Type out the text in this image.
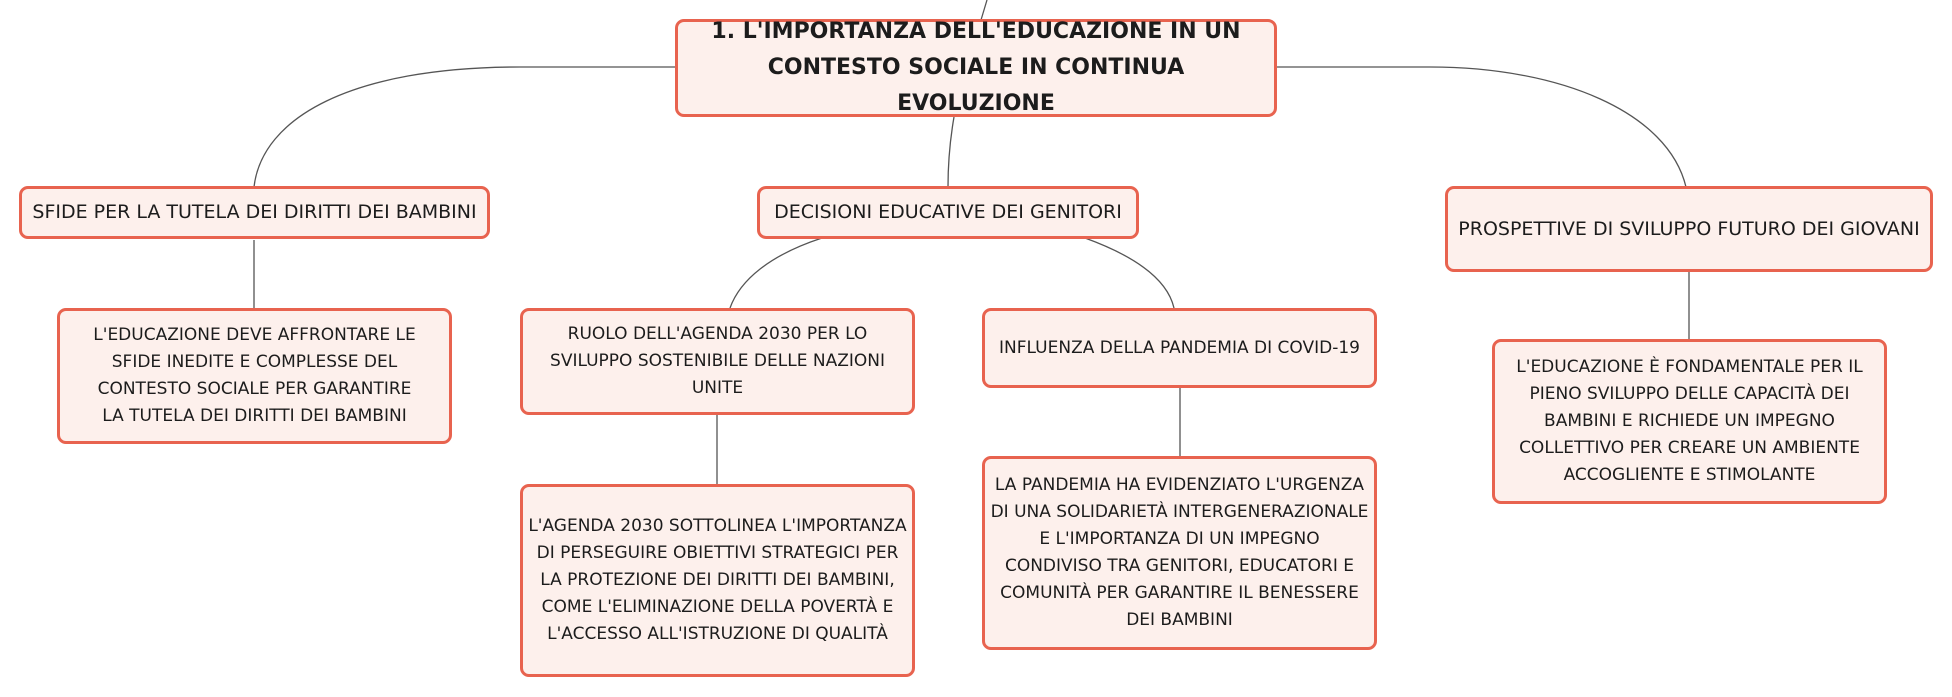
1. L'IMPORTANZA DELL'EDUCAZIONE IN UN CONTESTO SOCIALE IN CONTINUA EVOLUZIONE
SFIDE PER LA TUTELA DEI DIRITTI DEI BAMBINI	DECISIONI EDUCATIVE DEI GENITORI
PROSPETTIVE DI SVILUPPO FUTURO DEI GIOVANI
L'EDUCAZIONE DEVE AFFRONTARE LE SFIDE INEDITE E COMPLESSE DEL CONTESTO SOCIALE PER GARANTIRE LA TUTELA DEI DIRITTI DEI BAMBINI
RUOLO DELL'AGENDA 2030 PER LO SVILUPPO SOSTENIBILE DELLE NAZIONI UNITE
INFLUENZA DELLA PANDEMIA DI COVID-19
L'AGENDA 2030 SOTTOLINEA L'IMPORTANZA DI PERSEGUIRE OBIETTIVI STRATEGICI PER LA PROTEZIONE DEI DIRITTI DEI BAMBINI, COME L'ELIMINAZIONE DELLA POVERTÀ E L'ACCESSO ALL'ISTRUZIONE DI QUALITÀ
LA PANDEMIA HA EVIDENZIATO L'URGENZA DI UNA SOLIDARIETÀ INTERGENERAZIONALE E L'IMPORTANZA DI UN IMPEGNO CONDIVISO TRA GENITORI, EDUCATORI E COMUNITÀ PER GARANTIRE IL BENESSERE DEI BAMBINI
L'EDUCAZIONE È FONDAMENTALE PER IL PIENO SVILUPPO DELLE CAPACITÀ DEI BAMBINI E RICHIEDE UN IMPEGNO COLLETTIVO PER CREARE UN AMBIENTE ACCOGLIENTE E STIMOLANTE
